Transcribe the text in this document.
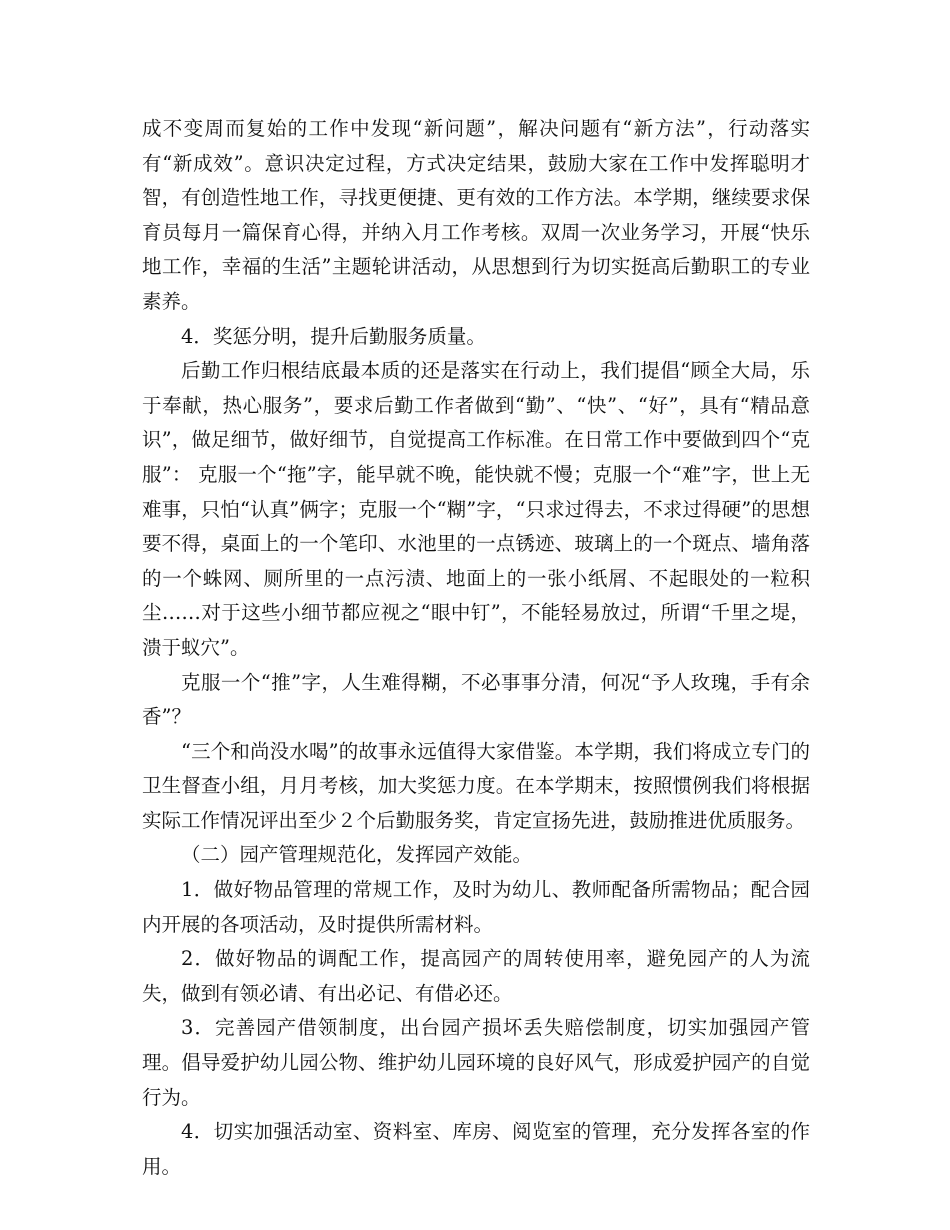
成不变周而复始的工作中发现“新问题”，解决问题有“新方法”，行动落实有“新成效”。意识决定过程，方式决定结果，鼓励大家在工作中发挥聪明才智，有创造性地工作，寻找更便捷、更有效的工作方法。本学期，继续要求保育员每月一篇保育心得，并纳入月工作考核。双周一次业务学习，开展“快乐地工作，幸福的生活”主题轮讲活动，从思想到行为切实挺高后勤职工的专业素养。

4．奖惩分明，提升后勤服务质量。

后勤工作归根结底最本质的还是落实在行动上，我们提倡“顾全大局，乐于奉献，热心服务”，要求后勤工作者做到“勤”、“快”、“好”，具有“精品意识”，做足细节，做好细节，自觉提高工作标准。在日常工作中要做到四个“克服”： 克服一个“拖”字，能早就不晚，能快就不慢；克服一个“难”字，世上无难事，只怕“认真”俩字；克服一个“糊”字，“只求过得去，不求过得硬”的思想要不得，桌面上的一个笔印、水池里的一点锈迹、玻璃上的一个斑点、墙角落的一个蛛网、厕所里的一点污渍、地面上的一张小纸屑、不起眼处的一粒积尘……对于这些小细节都应视之“眼中钉”，不能轻易放过，所谓“千里之堤，溃于蚁穴”。

克服一个“推”字，人生难得糊，不必事事分清，何况“予人玫瑰，手有余香”？

“三个和尚没水喝”的故事永远值得大家借鉴。本学期，我们将成立专门的卫生督查小组，月月考核，加大奖惩力度。在本学期末，按照惯例我们将根据实际工作情况评出至少２个后勤服务奖，肯定宣扬先进，鼓励推进优质服务。

（二）园产管理规范化，发挥园产效能。

1．做好物品管理的常规工作，及时为幼儿、教师配备所需物品；配合园内开展的各项活动，及时提供所需材料。

2．做好物品的调配工作，提高园产的周转使用率，避免园产的人为流失，做到有领必请、有出必记、有借必还。

3．完善园产借领制度，出台园产损坏丢失赔偿制度，切实加强园产管理。倡导爱护幼儿园公物、维护幼儿园环境的良好风气，形成爱护园产的自觉行为。

4．切实加强活动室、资料室、库房、阅览室的管理，充分发挥各室的作用。
